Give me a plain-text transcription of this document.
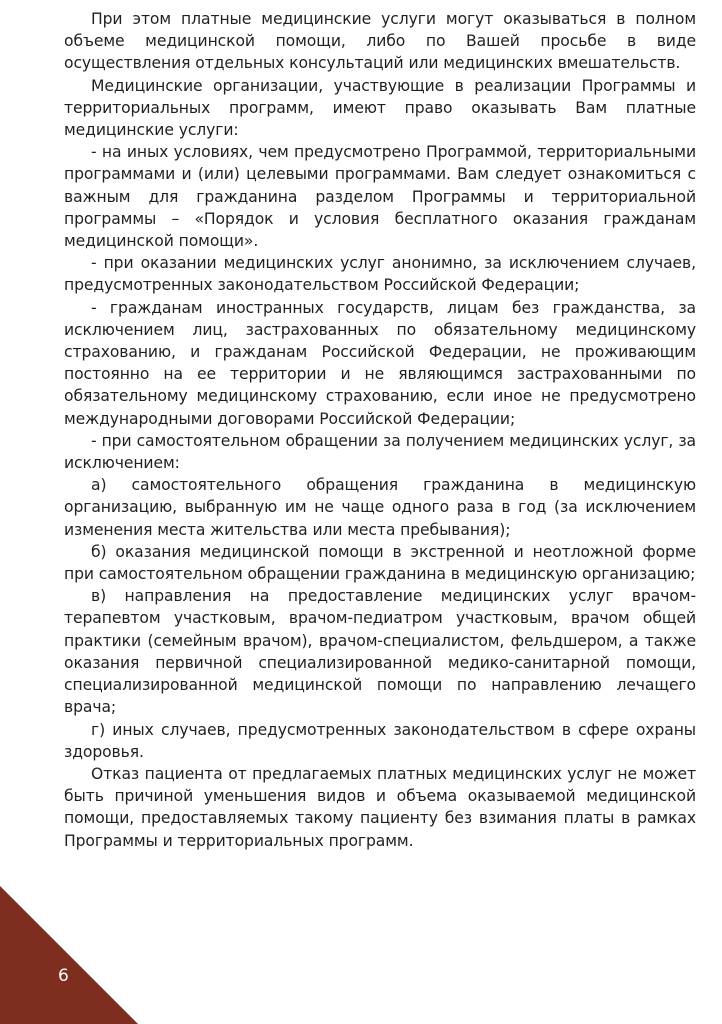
При этом платные медицинские услуги могут оказываться в полном объеме медицинской помощи, либо по Вашей просьбе в виде осуществления отдельных консультаций или медицинских вмешательств.

Медицинские организации, участвующие в реализации Программы и территориальных программ, имеют право оказывать Вам платные медицинские услуги:

- на иных условиях, чем предусмотрено Программой, территориальными программами и (или) целевыми программами. Вам следует ознакомиться с важным для гражданина разделом Программы и территориальной программы – «Порядок и условия бесплатного оказания гражданам медицинской помощи».

- при оказании медицинских услуг анонимно, за исключением случаев, предусмотренных законодательством Российской Федерации;

- гражданам иностранных государств, лицам без гражданства, за исключением лиц, застрахованных по обязательному медицинскому страхованию, и гражданам Российской Федерации, не проживающим постоянно на ее территории и не являющимся застрахованными по обязательному медицинскому страхованию, если иное не предусмотрено международными договорами Российской Федерации;

- при самостоятельном обращении за получением медицинских услуг, за исключением:

а) самостоятельного обращения гражданина в медицинскую организацию, выбранную им не чаще одного раза в год (за исключением изменения места жительства или места пребывания);

б) оказания медицинской помощи в экстренной и неотложной форме при самостоятельном обращении гражданина в медицинскую организацию;

в) направления на предоставление медицинских услуг врачом-терапевтом участковым, врачом-педиатром участковым, врачом общей практики (семейным врачом), врачом-специалистом, фельдшером, а также оказания первичной специализированной медико-санитарной помощи, специализированной медицинской помощи по направлению лечащего врача;

г) иных случаев, предусмотренных законодательством в сфере охраны здоровья.

Отказ пациента от предлагаемых платных медицинских услуг не может быть причиной уменьшения видов и объема оказываемой медицинской помощи, предоставляемых такому пациенту без взимания платы в рамках Программы и территориальных программ.

6
